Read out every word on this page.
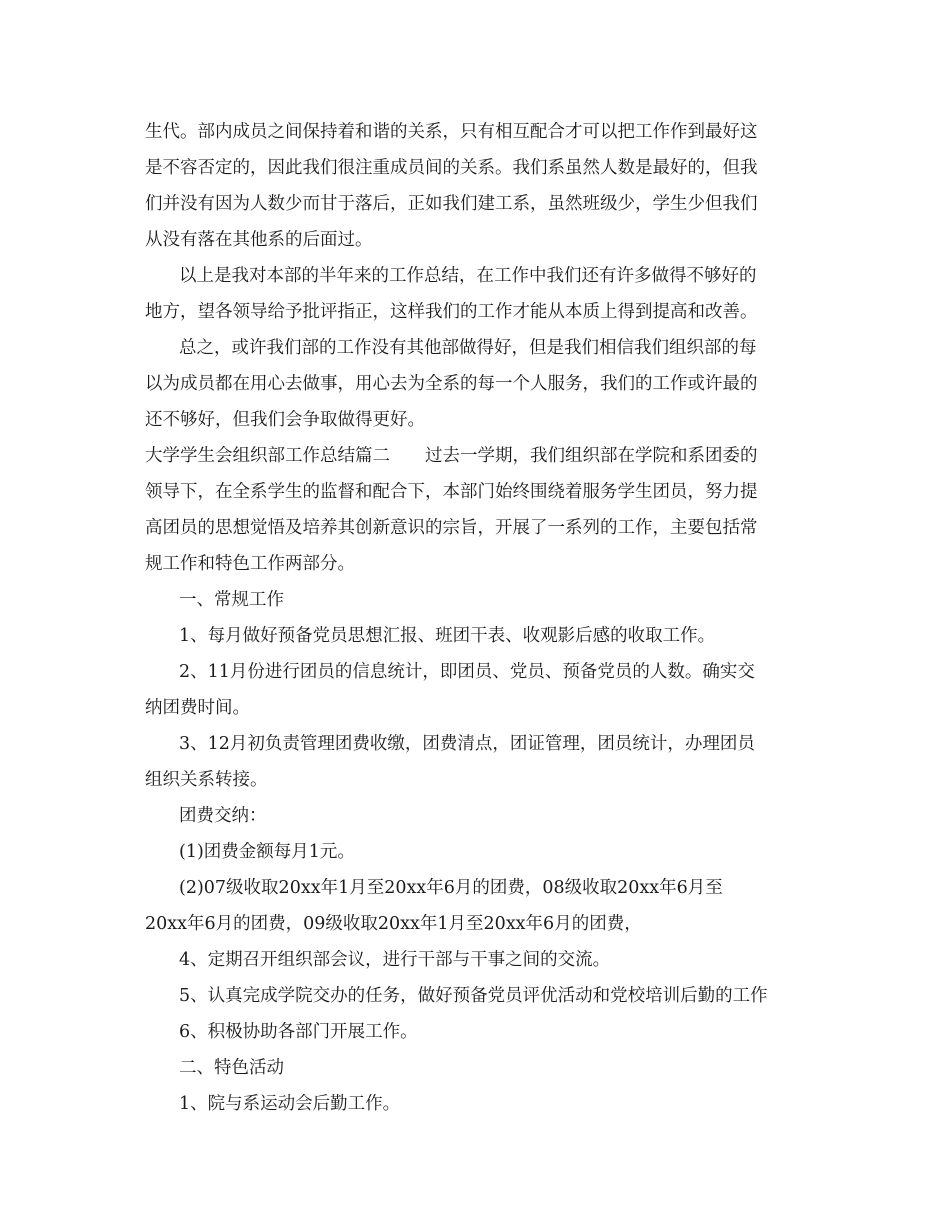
生代。部内成员之间保持着和谐的关系，只有相互配合才可以把工作作到最好这
是不容否定的，因此我们很注重成员间的关系。我们系虽然人数是最好的，但我
们并没有因为人数少而甘于落后，正如我们建工系，虽然班级少，学生少但我们
从没有落在其他系的后面过。
以上是我对本部的半年来的工作总结，在工作中我们还有许多做得不够好的
地方，望各领导给予批评指正，这样我们的工作才能从本质上得到提高和改善。
总之，或许我们部的工作没有其他部做得好，但是我们相信我们组织部的每
以为成员都在用心去做事，用心去为全系的每一个人服务，我们的工作或许最的
还不够好，但我们会争取做得更好。
大学学生会组织部工作总结篇二　　过去一学期，我们组织部在学院和系团委的
领导下，在全系学生的监督和配合下，本部门始终围绕着服务学生团员，努力提
高团员的思想觉悟及培养其创新意识的宗旨，开展了一系列的工作，主要包括常
规工作和特色工作两部分。
一、常规工作
1、每月做好预备党员思想汇报、班团干表、收观影后感的收取工作。
2、11月份进行团员的信息统计，即团员、党员、预备党员的人数。确实交
纳团费时间。
3、12月初负责管理团费收缴，团费清点，团证管理，团员统计，办理团员
组织关系转接。
团费交纳：
(1)团费金额每月1元。
(2)07级收取20xx年1月至20xx年6月的团费，08级收取20xx年6月至
20xx年6月的团费，09级收取20xx年1月至20xx年6月的团费，
4、定期召开组织部会议，进行干部与干事之间的交流。
5、认真完成学院交办的任务，做好预备党员评优活动和党校培训后勤的工作
6、积极协助各部门开展工作。
二、特色活动
1、院与系运动会后勤工作。
